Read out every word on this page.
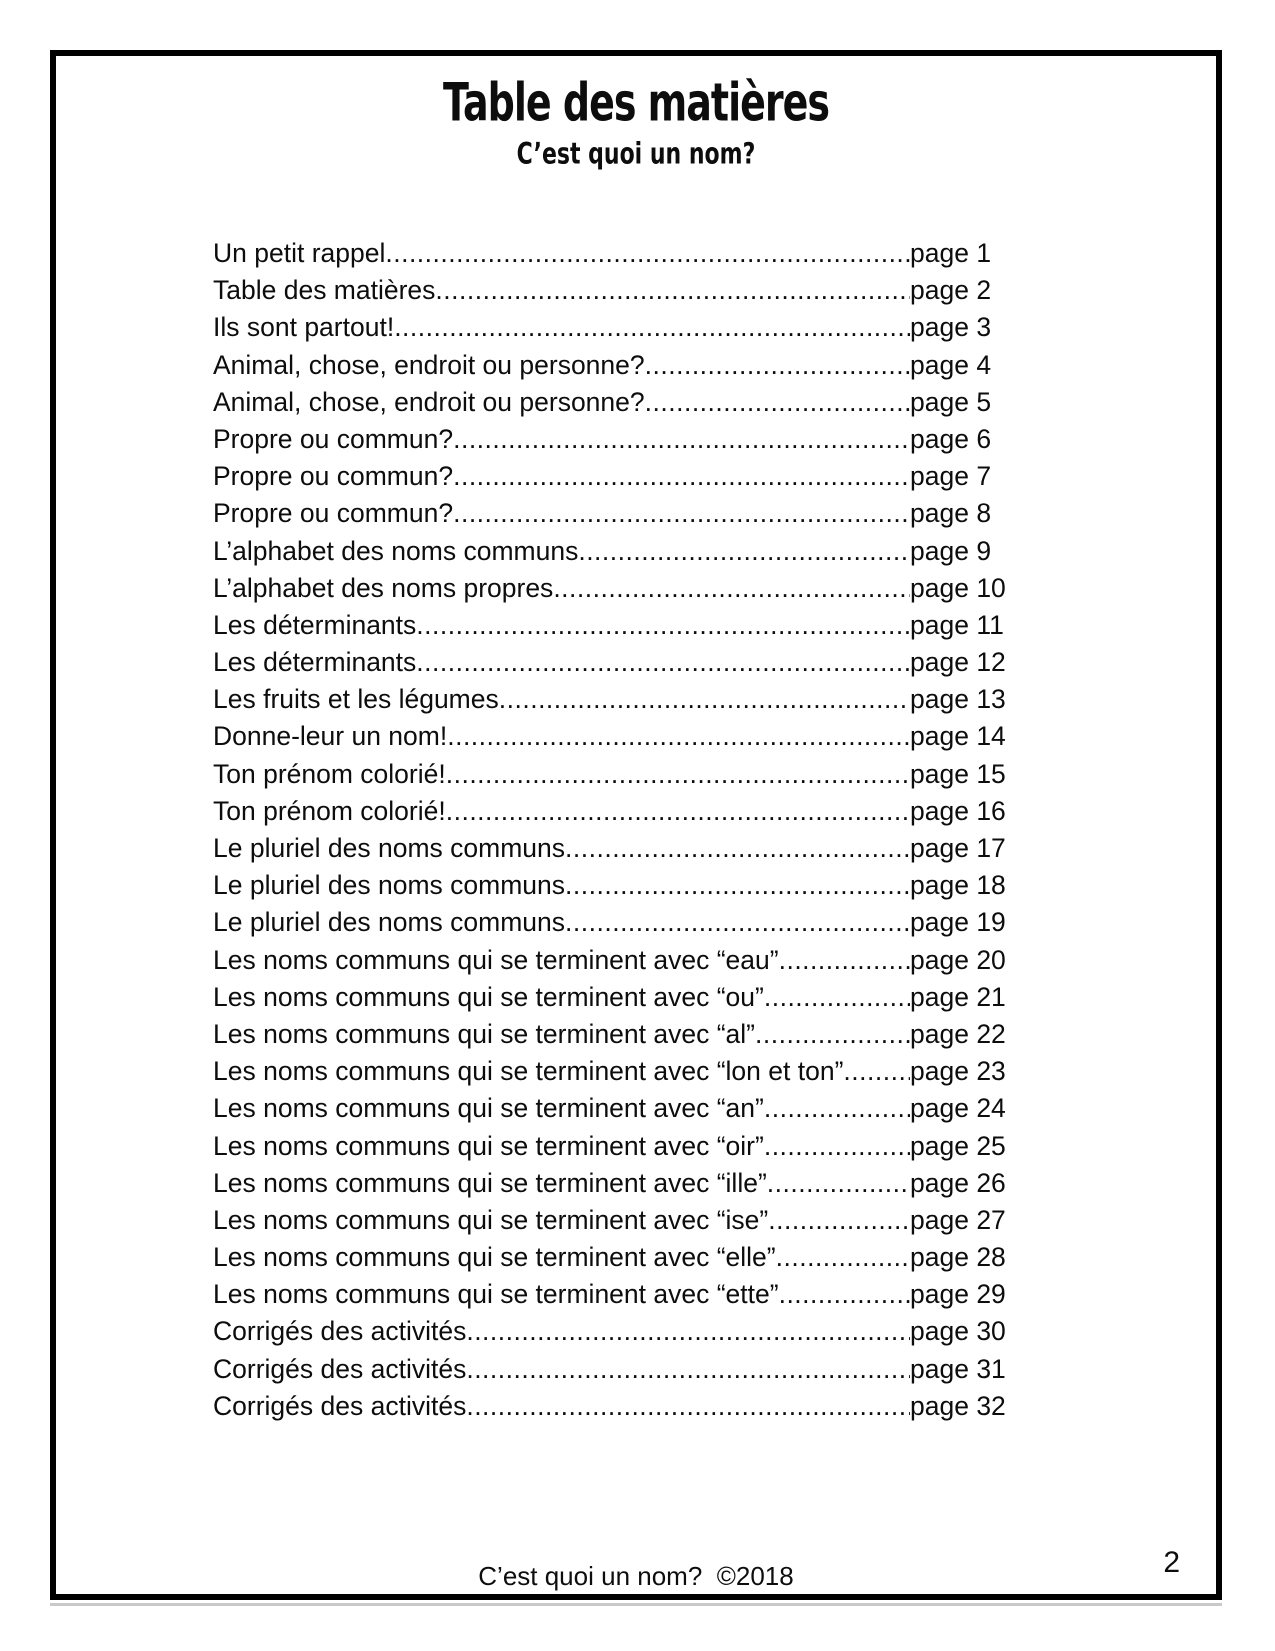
Table des matières
C’est quoi un nom?
Un petit rappel .....	page 1
Table des matières .....	page 2
Ils sont partout! .....	page 3
Animal, chose, endroit ou personne? .....	page 4
Animal, chose, endroit ou personne? .....	page 5
Propre ou commun? .....	page 6
Propre ou commun? .....	page 7
Propre ou commun? .....	page 8
L’alphabet des noms communs .....	page 9
L’alphabet des noms propres .....	page 10
Les déterminants .....	page 11
Les déterminants .....	page 12
Les fruits et les légumes .....	page 13
Donne-leur un nom! .....	page 14
Ton prénom colorié! .....	page 15
Ton prénom colorié! .....	page 16
Le pluriel des noms communs .....	page 17
Le pluriel des noms communs .....	page 18
Le pluriel des noms communs .....	page 19
Les noms communs qui se terminent avec “eau” .....	page 20
Les noms communs qui se terminent avec “ou” .....	page 21
Les noms communs qui se terminent avec “al” .....	page 22
Les noms communs qui se terminent avec “lon et ton” .....	page 23
Les noms communs qui se terminent avec “an” .....	page 24
Les noms communs qui se terminent avec “oir” .....	page 25
Les noms communs qui se terminent avec “ille” .....	page 26
Les noms communs qui se terminent avec “ise” .....	page 27
Les noms communs qui se terminent avec “elle” .....	page 28
Les noms communs qui se terminent avec “ette” .....	page 29
Corrigés des activités .....	page 30
Corrigés des activités .....	page 31
Corrigés des activités .....	page 32
C’est quoi un nom?  ©2018	2
